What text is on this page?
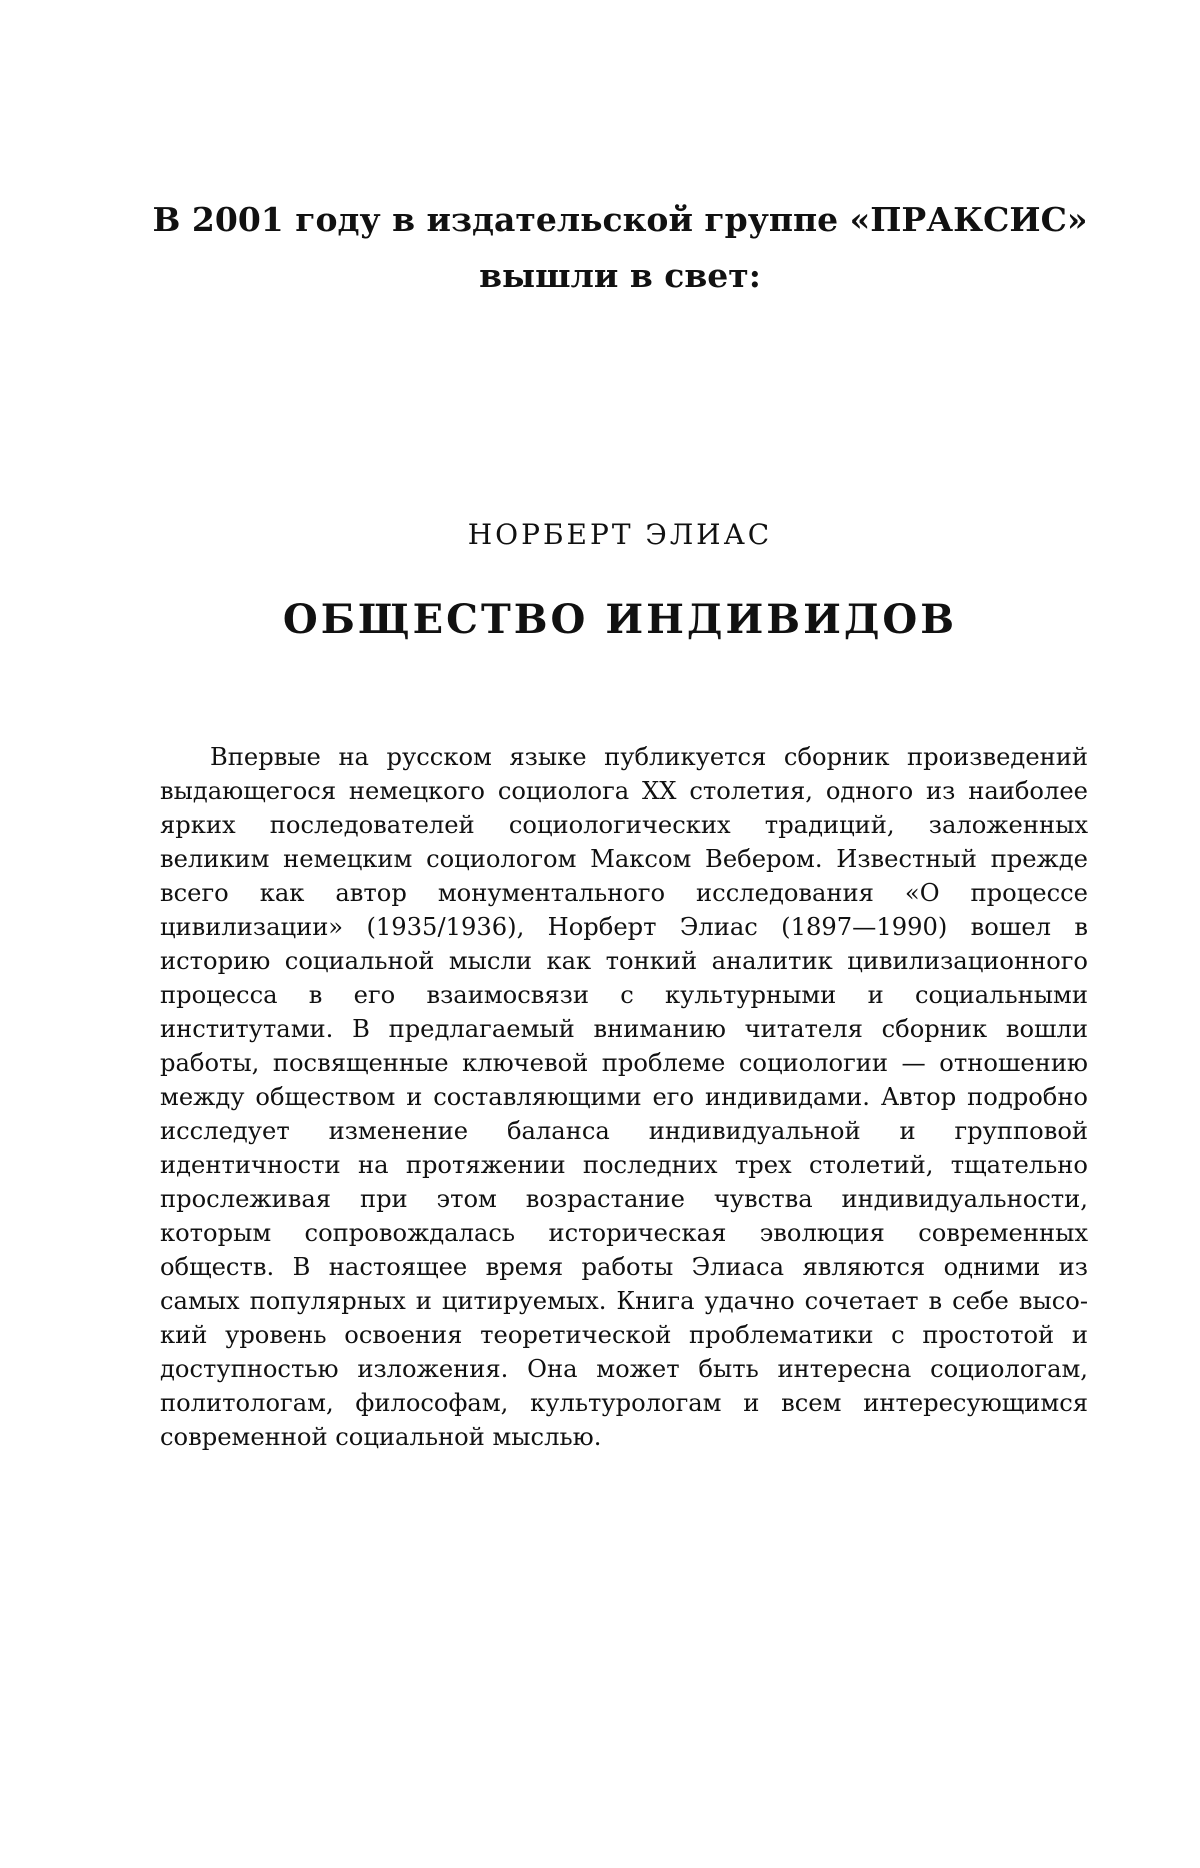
В 2001 году в издательской группе «ПРАКСИС»
вышли в свет:
НОРБЕРТ ЭЛИАС
ОБЩЕСТВО ИНДИВИДОВ

Впервые на русском языке публикуется сборник произведений выдающегося немецкого социолога XX столетия, одного из наиболее ярких последователей социологических традиций, заложенных великим немецким социологом Максом Вебером. Известный прежде всего как автор монументального исследования «О процессе цивилизации» (1935/1936), Норберт Элиас (1897—1990) вошел в историю социальной мысли как тонкий аналитик цивилизационного процесса в его взаимосвязи с культурными и социальными институтами. В предлагаемый вниманию читателя сборник вошли работы, посвященные ключевой проблеме социологии — отношению между обществом и составляющими его индивидами. Автор подробно исследует изменение баланса индивидуальной и групповой идентичности на протяжении последних трех столетий, тщательно прослеживая при этом возрастание чувства индивидуальности, которым сопровождалась историческая эволюция современных обществ. В настоящее время работы Элиаса являются одними из самых популярных и цитируемых. Книга удачно сочетает в себе высокий уровень освоения теоретической проблематики с простотой и доступностью изложения. Она может быть интересна социологам, политологам, философам, культурологам и всем интересующимся современной социальной мыслью.
